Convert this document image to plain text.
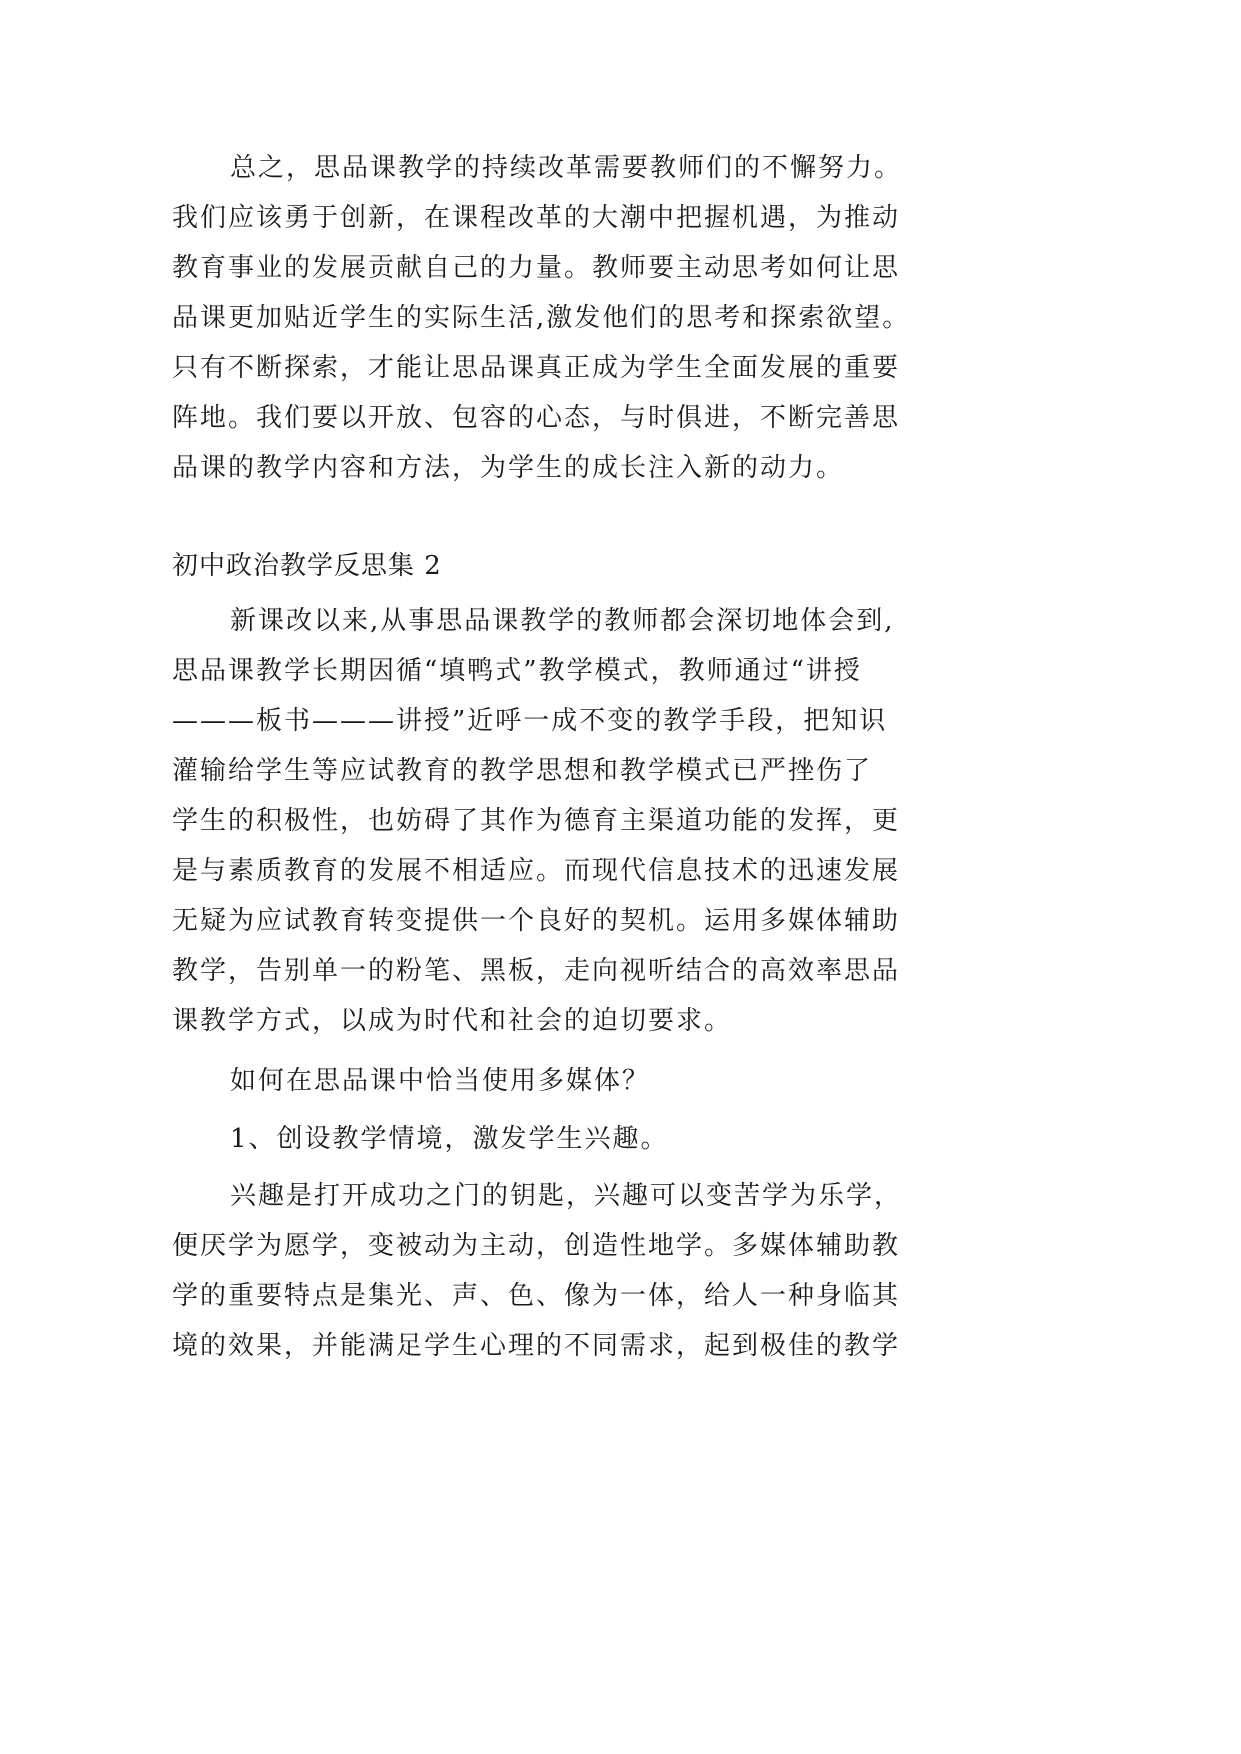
总之，思品课教学的持续改革需要教师们的不懈努力。
我们应该勇于创新，在课程改革的大潮中把握机遇，为推动
教育事业的发展贡献自己的力量。教师要主动思考如何让思
品课更加贴近学生的实际生活,激发他们的思考和探索欲望。
只有不断探索，才能让思品课真正成为学生全面发展的重要
阵地。我们要以开放、包容的心态，与时俱进，不断完善思
品课的教学内容和方法，为学生的成长注入新的动力。
初中政治教学反思集 2
新课改以来,从事思品课教学的教师都会深切地体会到,
思品课教学长期因循“填鸭式”教学模式，教师通过“讲授
———板书———讲授”近呼一成不变的教学手段，把知识
灌输给学生等应试教育的教学思想和教学模式已严挫伤了
学生的积极性，也妨碍了其作为德育主渠道功能的发挥，更
是与素质教育的发展不相适应。而现代信息技术的迅速发展
无疑为应试教育转变提供一个良好的契机。运用多媒体辅助
教学，告别单一的粉笔、黑板，走向视听结合的高效率思品
课教学方式，以成为时代和社会的迫切要求。
如何在思品课中恰当使用多媒体？
1、创设教学情境，激发学生兴趣。
兴趣是打开成功之门的钥匙，兴趣可以变苦学为乐学，
便厌学为愿学，变被动为主动，创造性地学。多媒体辅助教
学的重要特点是集光、声、色、像为一体，给人一种身临其
境的效果，并能满足学生心理的不同需求，起到极佳的教学
